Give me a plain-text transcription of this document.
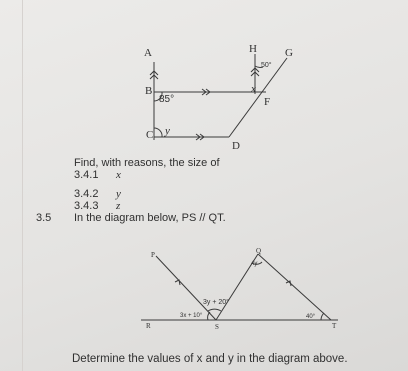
A
B
C
D
H	G
F
85°
50°
x
y
Find, with reasons, the size of
3.4.1 x
3.4.2 y
3.4.3 z
3.5 In the diagram below, PS // QT.
P	Q
R	S	T
4y
3y + 20°
3x + 10°	40°
Determine the values of x and y in the diagram above.
